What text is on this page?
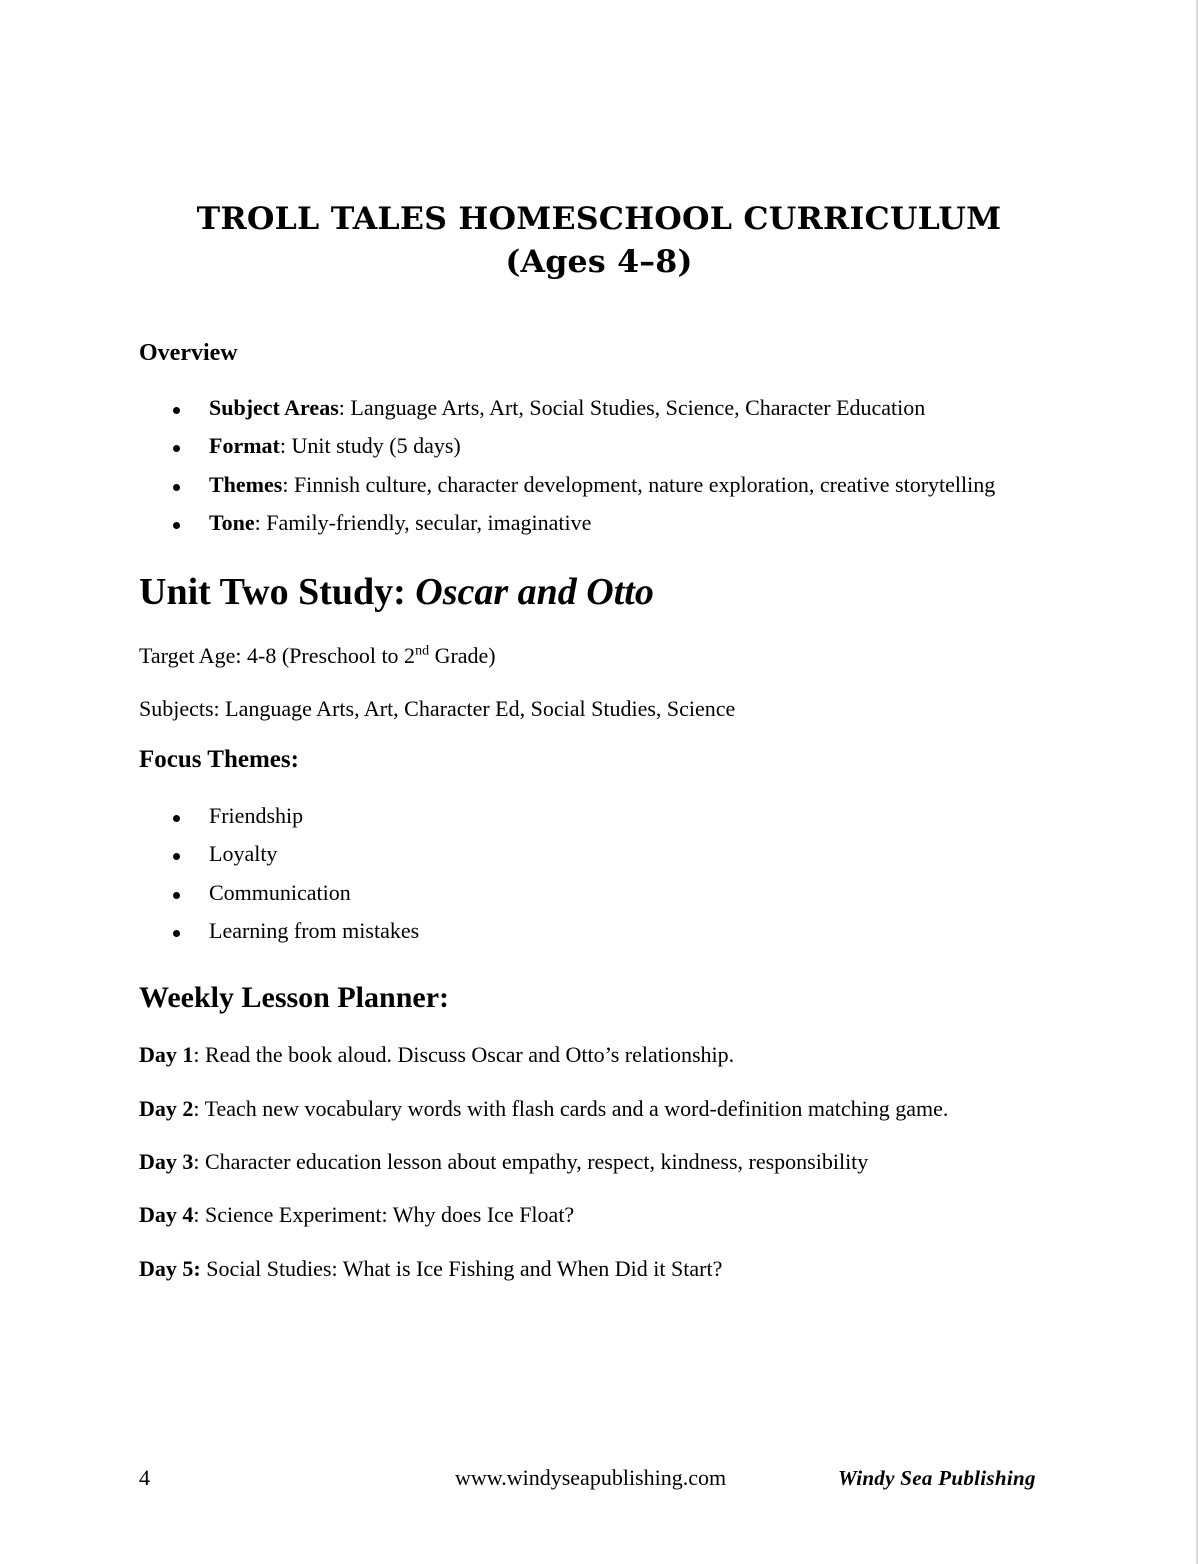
TROLL TALES HOMESCHOOL CURRICULUM
(Ages 4–8)
Overview
Subject Areas: Language Arts, Art, Social Studies, Science, Character Education
Format: Unit study (5 days)
Themes: Finnish culture, character development, nature exploration, creative storytelling
Tone: Family-friendly, secular, imaginative
Unit Two Study: Oscar and Otto
Target Age: 4-8 (Preschool to 2nd Grade)
Subjects: Language Arts, Art, Character Ed, Social Studies, Science
Focus Themes:
Friendship
Loyalty
Communication
Learning from mistakes
Weekly Lesson Planner:
Day 1: Read the book aloud. Discuss Oscar and Otto’s relationship.
Day 2: Teach new vocabulary words with flash cards and a word-definition matching game.
Day 3: Character education lesson about empathy, respect, kindness, responsibility
Day 4: Science Experiment: Why does Ice Float?
Day 5: Social Studies: What is Ice Fishing and When Did it Start?
4	www.windyseapublishing.com	Windy Sea Publishing
